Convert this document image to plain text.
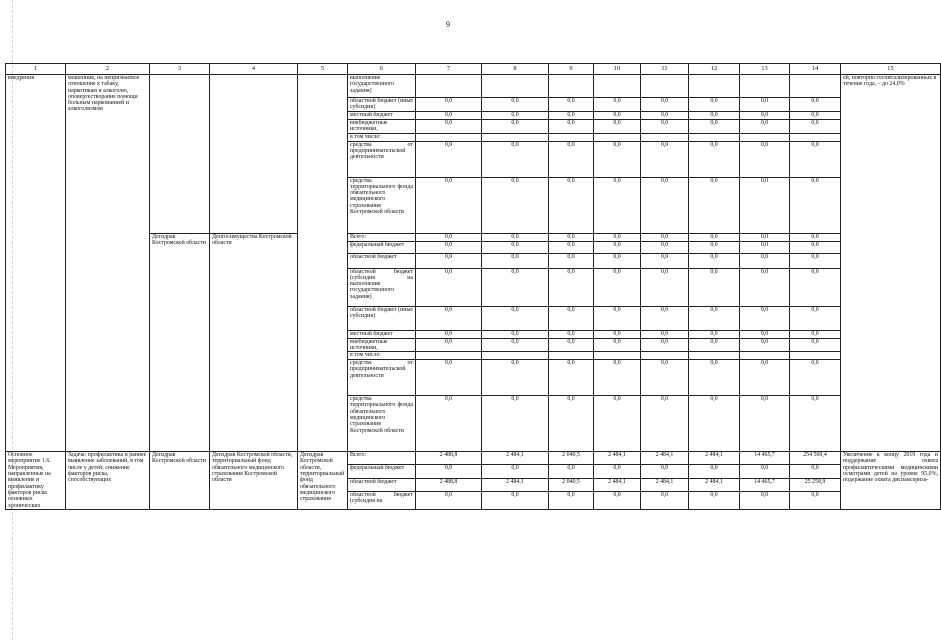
9
1	2	3	4	5	6	7	8	9	10	11	12	13	14	15
внедрения	мошенник, на непризнаемое отношение к табаку, наркотикам и алкоголю, оповергестворание помощи больным наркоманией и алкоголизмом				выполнение государственного задания)									ей, повторно госпитализированных в течение года, – до 24,0%
					областной бюджет (иные субсидии)	0,0	0,0	0,0	0,0	0,0	0,0	0,0	0,0	
					местный бюджет	0,0	0,0	0,0	0,0	0,0	0,0	0,0	0,0	
					внебюджетные источники,	0,0	0,0	0,0	0,0	0,0	0,0	0,0	0,0	
					в том числе:									
					средства от предпринимательской деятельности	0,0	0,0	0,0	0,0	0,0	0,0	0,0	0,0	
					средства территориального фонда обязательного медицинского страхования Костромской области	0,0	0,0	0,0	0,0	0,0	0,0	0,0	0,0	
		Депздрав Костромской области	Депгосимущества Костромской области		Всего:	0,0	0,0	0,0	0,0	0,0	0,0	0,0	0,0	
					федеральный бюджет	0,0	0,0	0,0	0,0	0,0	0,0	0,0	0,0	
					областной бюджет	0,0	0,0	0,0	0,0	0,0	0,0	0,0	0,0	
					областной бюджет (субсидия на выполнение государственного задания)	0,0	0,0	0,0	0,0	0,0	0,0	0,0	0,0	
					областной бюджет (иные субсидии)	0,0	0,0	0,0	0,0	0,0	0,0	0,0	0,0	
					местный бюджет	0,0	0,0	0,0	0,0	0,0	0,0	0,0	0,0	
					внебюджетные источники,	0,0	0,0	0,0	0,0	0,0	0,0	0,0	0,0	
					в том числе:									
					средства от предпринимательской деятельности	0,0	0,0	0,0	0,0	0,0	0,0	0,0	0,0	
					средства территориального фонда обязательного медицинского страхования Костромской области	0,0	0,0	0,0	0,0	0,0	0,0	0,0	0,0	
Основное мероприятие 1.6. Мероприятия, направленные на выявление и профилактику факторов риска основных хронических	Задача: профилактика и раннее выявление заболеваний, в том числе у детей; снижение факторов риска, способствующих	Депздрав Костромской области	Депздрав Костромской области, территориальный фонд обязательного медицинского страхования Костромской области	Депздрав Костромской области, территориальный фонд обязательного медицинского страхования	Всего:	2 488,8	2 484,1	2 040,5	2 484,1	2 484,1	2 484,1	14 465,7	254 569,4	Увеличение к концу 2019 года и поддержание охвата профилактическими медицинскими осмотрами детей на уровне 95,0%, подержание охвата диспансериза-
					федеральный бюджет	0,0	0,0	0,0	0,0	0,0	0,0	0,0	0,0	
					областной бюджет	2 488,8	2 484,1	2 040,5	2 484,1	2 484,1	2 484,1	14 465,7	25 258,9	
					областной бюджет (субсидия на	0,0	0,0	0,0	0,0	0,0	0,0	0,0	0,0	
